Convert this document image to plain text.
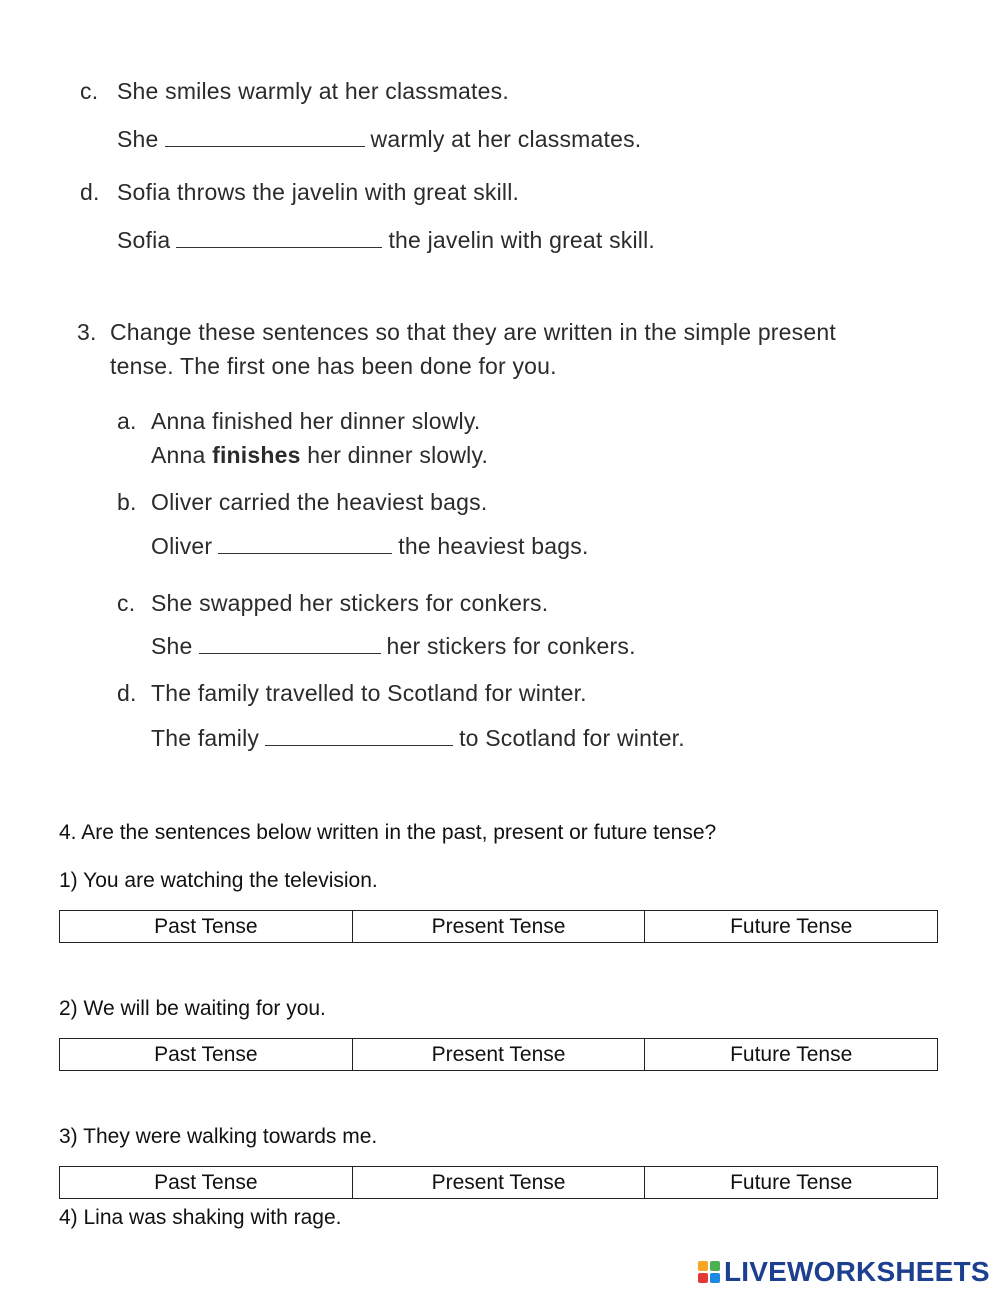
c. She smiles warmly at her classmates.
She	warmly at her classmates.
d. Sofia throws the javelin with great skill.
Sofia	the javelin with great skill.
3. Change these sentences so that they are written in the simple present
tense. The first one has been done for you.
a. Anna finished her dinner slowly.
Anna finishes her dinner slowly.
b. Oliver carried the heaviest bags.
Oliver	the heaviest bags.
c. She swapped her stickers for conkers.
She	her stickers for conkers.
d. The family travelled to Scotland for winter.
The family	to Scotland for winter.
4. Are the sentences below written in the past, present or future tense?
1) You are watching the television.
Past Tense	Present Tense	Future Tense
2) We will be waiting for you.
Past Tense	Present Tense	Future Tense
3) They were walking towards me.
Past Tense	Present Tense	Future Tense
4) Lina was shaking with rage.
LIVEWORKSHEETS
